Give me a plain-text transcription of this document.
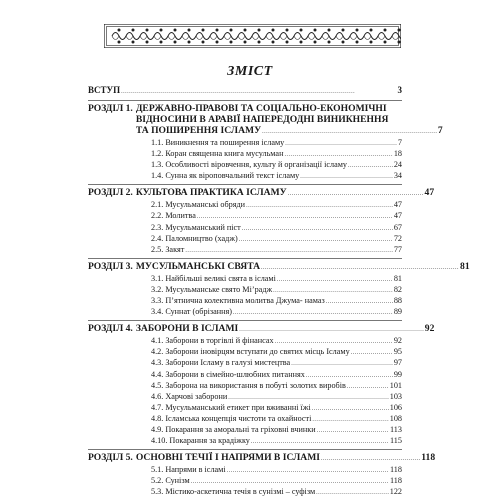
ЗМІСТ
ВСТУП . . .	3
РОЗДІЛ 1. ДЕРЖАВНО-ПРАВОВІ ТА СОЦІАЛЬНО-ЕКОНОМІЧНІ
ВІДНОСИНИ В АРАВІЇ НАПЕРЕДОДНІ ВИНИКНЕННЯ
ТА ПОШИРЕННЯ ІСЛАМУ . . .	7
1.1. Виникнення та поширення ісламу . . .	7
1.2. Коран священна книга мусульман . . .	18
1.3. Особливості віровчення, культу й організації ісламу . . .	24
1.4. Сунна як віроповчальний текст ісламу . . .	34
РОЗДІЛ 2. КУЛЬТОВА ПРАКТИКА ІСЛАМУ . . .	47
2.1. Мусульманські обряди . . .	47
2.2. Молитва . . .	47
2.3. Мусульманський піст . . .	67
2.4. Паломництво (хадж) . . .	72
2.5. Закят . . .	77
РОЗДІЛ 3. МУСУЛЬМАНСЬКІ СВЯТА . . .	81
3.1. Найбільші великі свята в ісламі . . .	81
3.2. Мусульманське свято Мі’радж . . .	82
3.3. П’ятнична колективна молитва Джума- намаз . . .	88
3.4. Суннат (обрізання) . . .	89
РОЗДІЛ 4. ЗАБОРОНИ В ІСЛАМІ . . .	92
4.1. Заборони в торгівлі й фінансах . . .	92
4.2. Заборони іновірцям вступати до святих місць Ісламу . . .	95
4.3. Заборони Ісламу в галузі мистецтва . . .	97
4.4. Заборони в сімейно-шлюбних питаннях . . .	99
4.5. Заборона на використання в побуті золотих виробів . . .	101
4.6. Харчові заборони . . .	103
4.7. Мусульманський етикет при вживанні їжі . . .	106
4.8. Ісламська концепція чистоти та охайності . . .	108
4.9. Покарання за аморальні та гріховні вчинки . . .	113
4.10. Покарання за крадіжку . . .	115
РОЗДІЛ 5. ОСНОВНІ ТЕЧІЇ І НАПРЯМИ В ІСЛАМІ . . .	118
5.1. Напрями в ісламі . . .	118
5.2. Сунізм . . .	118
5.3. Містико-аскетична течія в сунізмі – суфізм . . .	122
